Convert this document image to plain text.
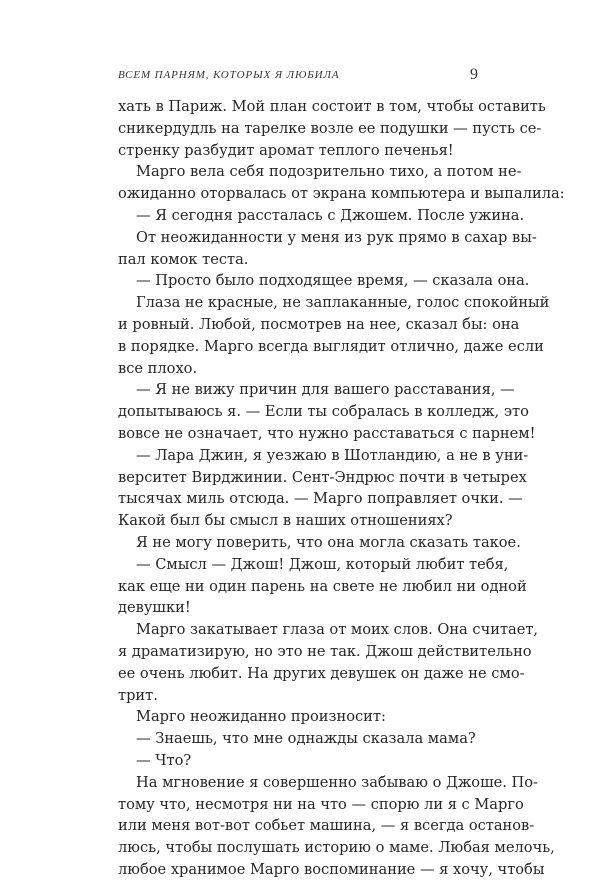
ВСЕМ ПАРНЯМ, КОТОРЫХ Я ЛЮБИЛА	9
хать в Париж. Мой план состоит в том, чтобы оставить
сникердудль на тарелке возле ее подушки — пусть се-
стренку разбудит аромат теплого печенья!
Марго вела себя подозрительно тихо, а потом не-
ожиданно оторвалась от экрана компьютера и выпалила:
— Я сегодня рассталась с Джошем. После ужина.
От неожиданности у меня из рук прямо в сахар вы-
пал комок теста.
— Просто было подходящее время, — сказала она.
Глаза не красные, не заплаканные, голос спокойный
и ровный. Любой, посмотрев на нее, сказал бы: она
в порядке. Марго всегда выглядит отлично, даже если
все плохо.
— Я не вижу причин для вашего расставания, —
допытываюсь я. — Если ты собралась в колледж, это
вовсе не означает, что нужно расставаться с парнем!
— Лара Джин, я уезжаю в Шотландию, а не в уни-
верситет Вирджинии. Сент-Эндрюс почти в четырех
тысячах миль отсюда. — Марго поправляет очки. —
Какой был бы смысл в наших отношениях?
Я не могу поверить, что она могла сказать такое.
— Смысл — Джош! Джош, который любит тебя,
как еще ни один парень на свете не любил ни одной
девушки!
Марго закатывает глаза от моих слов. Она считает,
я драматизирую, но это не так. Джош действительно
ее очень любит. На других девушек он даже не смо-
трит.
Марго неожиданно произносит:
— Знаешь, что мне однажды сказала мама?
— Что?
На мгновение я совершенно забываю о Джоше. По-
тому что, несмотря ни на что — спорю ли я с Марго
или меня вот-вот собьет машина, — я всегда останов-
люсь, чтобы послушать историю о маме. Любая мелочь,
любое хранимое Марго воспоминание — я хочу, чтобы
